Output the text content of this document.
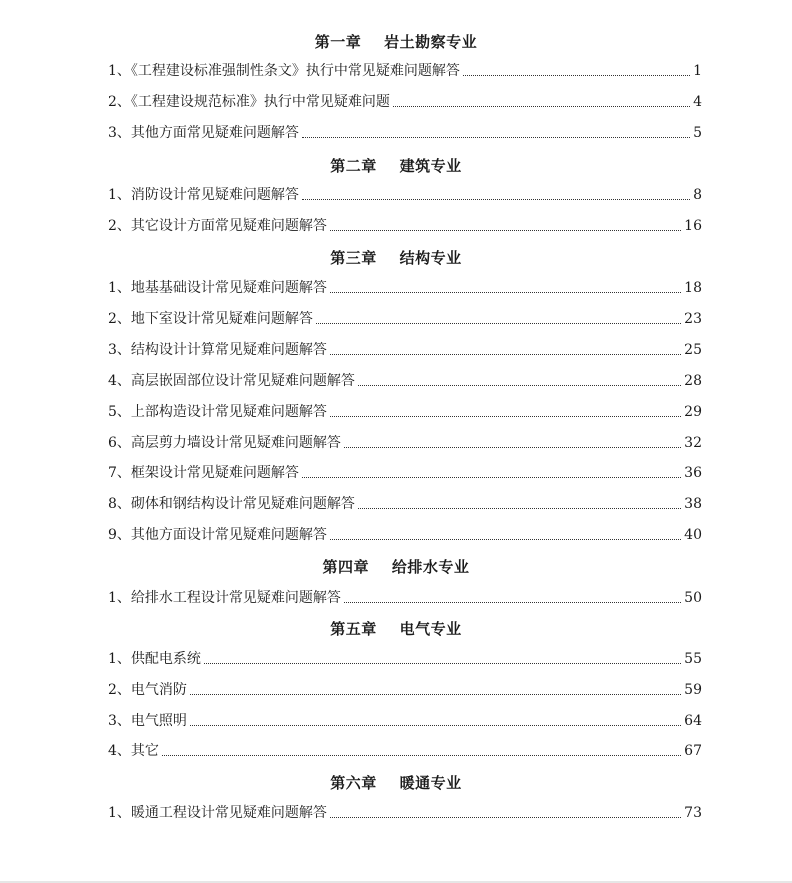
第一章    岩土勘察专业
1、《工程建设标准强制性条文》执行中常见疑难问题解答	1
2、《工程建设规范标准》执行中常见疑难问题	4
3、其他方面常见疑难问题解答	5
第二章    建筑专业
1、消防设计常见疑难问题解答	8
2、其它设计方面常见疑难问题解答	16
第三章    结构专业
1、地基基础设计常见疑难问题解答	18
2、地下室设计常见疑难问题解答	23
3、结构设计计算常见疑难问题解答	25
4、高层嵌固部位设计常见疑难问题解答	28
5、上部构造设计常见疑难问题解答	29
6、高层剪力墙设计常见疑难问题解答	32
7、框架设计常见疑难问题解答	36
8、砌体和钢结构设计常见疑难问题解答	38
9、其他方面设计常见疑难问题解答	40
第四章    给排水专业
1、给排水工程设计常见疑难问题解答	50
第五章    电气专业
1、供配电系统	55
2、电气消防	59
3、电气照明	64
4、其它	67
第六章    暖通专业
1、暖通工程设计常见疑难问题解答	73
